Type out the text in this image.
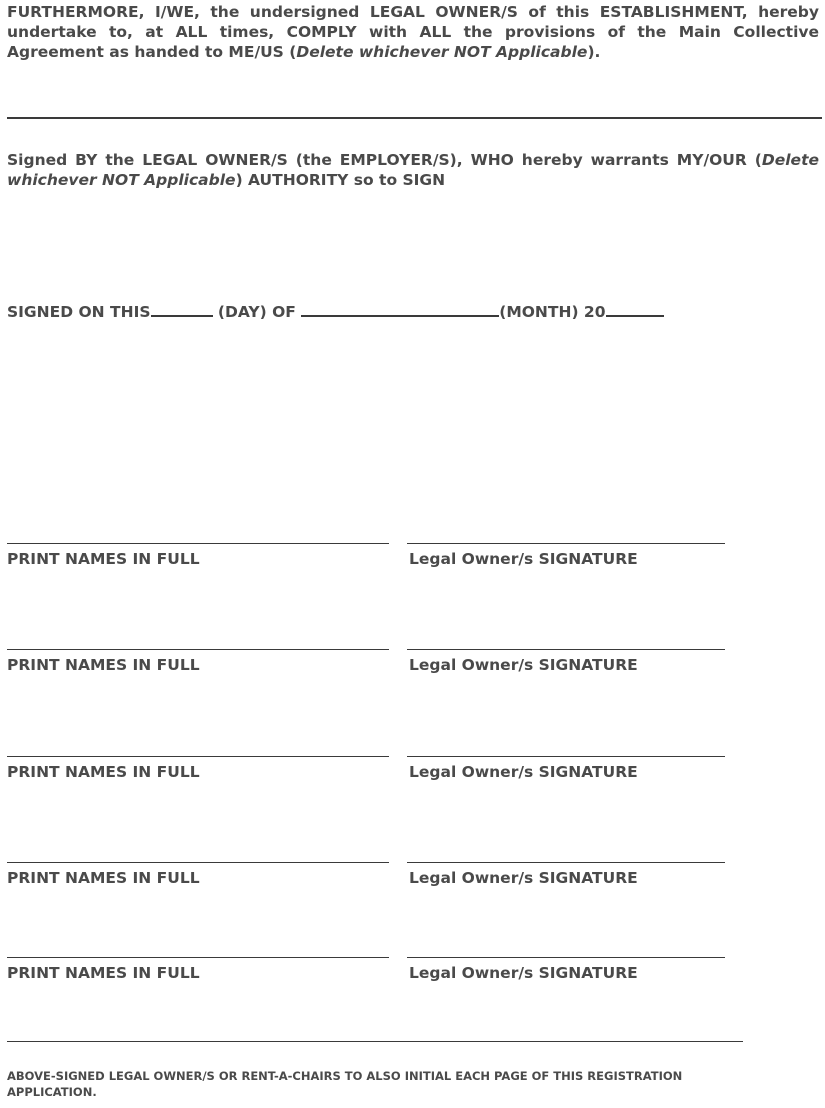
FURTHERMORE, I/WE, the undersigned LEGAL OWNER/S of this ESTABLISHMENT, hereby undertake to, at ALL times, COMPLY with ALL the provisions of the Main Collective Agreement as handed to ME/US (Delete whichever NOT Applicable).

Signed BY the LEGAL OWNER/S (the EMPLOYER/S), WHO hereby warrants MY/OUR (Delete whichever NOT Applicable) AUTHORITY so to SIGN

SIGNED ON THIS	(DAY) OF	(MONTH) 20
PRINT NAMES IN FULL	Legal Owner/s SIGNATURE
PRINT NAMES IN FULL	Legal Owner/s SIGNATURE
PRINT NAMES IN FULL	Legal Owner/s SIGNATURE
PRINT NAMES IN FULL	Legal Owner/s SIGNATURE
PRINT NAMES IN FULL	Legal Owner/s SIGNATURE

ABOVE-SIGNED LEGAL OWNER/S OR RENT-A-CHAIRS TO ALSO INITIAL EACH PAGE OF THIS REGISTRATION APPLICATION.
